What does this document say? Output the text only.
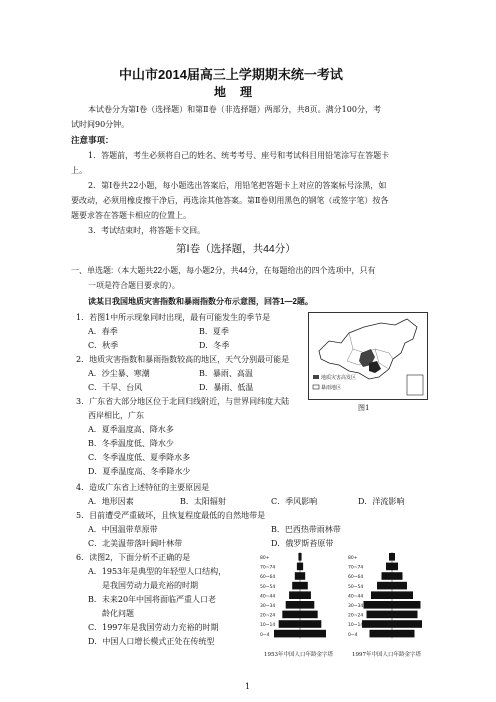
中山市2014届高三上学期期末统一考试
地理
本试卷分为第Ⅰ卷（选择题）和第Ⅱ卷（非选择题）两部分，共8页。满分100分，考
试时间90分钟。
注意事项：
1．答题前，考生必须将自己的姓名、统考考号、座号和考试科目用铅笔涂写在答题卡
上。
2．第Ⅰ卷共22小题，每小题选出答案后，用铅笔把答题卡上对应的答案标号涂黑，如
要改动，必须用橡皮擦干净后，再选涂其他答案。第Ⅱ卷则用黑色的钢笔（或签字笔）按各
题要求答在答题卡相应的位置上。
3．考试结束时，将答题卡交回。
第Ⅰ卷（选择题，共44分）
一、单选题:（本大题共22小题，每小题2分，共44分，在每题给出的四个选项中，只有
一项是符合题目要求的）。
读某日我国地质灾害指数和暴雨指数分布示意图，回答1—2题。
1．若图1中所示现象同时出现，最有可能发生的季节是
A．春季	B．夏季
C．秋季	D．冬季
2．地质灾害指数和暴雨指数较高的地区，天气分别最可能是
A．沙尘暴、寒潮	B．暴雨、高温
C．干旱、台风	D．暴雨、低温
3．广东省大部分地区位于北回归线附近，与世界同纬度大陆
西岸相比，广东
A．夏季温度高、降水多
B．冬季温度低、降水少
C．冬季温度低、夏季降水多
D．夏季温度高、冬季降水少
4．造成广东省上述特征的主要原因是
A．地形因素	B．太阳辐射	C．季风影响	D．洋流影响
5．目前遭受严重破坏，且恢复程度最低的自然地带是
A．中国温带草原带	B．巴西热带雨林带
C．北美温带落叶阔叶林带	D．俄罗斯苔原带
6．读图2，下面分析不正确的是
A．1953年是典型的年轻型人口结构，
是我国劳动力最充裕的时期
B．未来20年中国将面临严重人口老
龄化问题
C．1997年是我国劳动力充裕的时期
D．中国人口增长模式正处在传统型
地质灾害高发区
暴雨地区
图1
80+
70~74
60~64
50~54
40~44
30~34
20~24
10~14
0~4
80+
70~74
60~64
50~54
40~44
30~34
20~24
10~14
0~4
1953年中国人口年龄金字塔	1997年中国人口年龄金字塔
1
